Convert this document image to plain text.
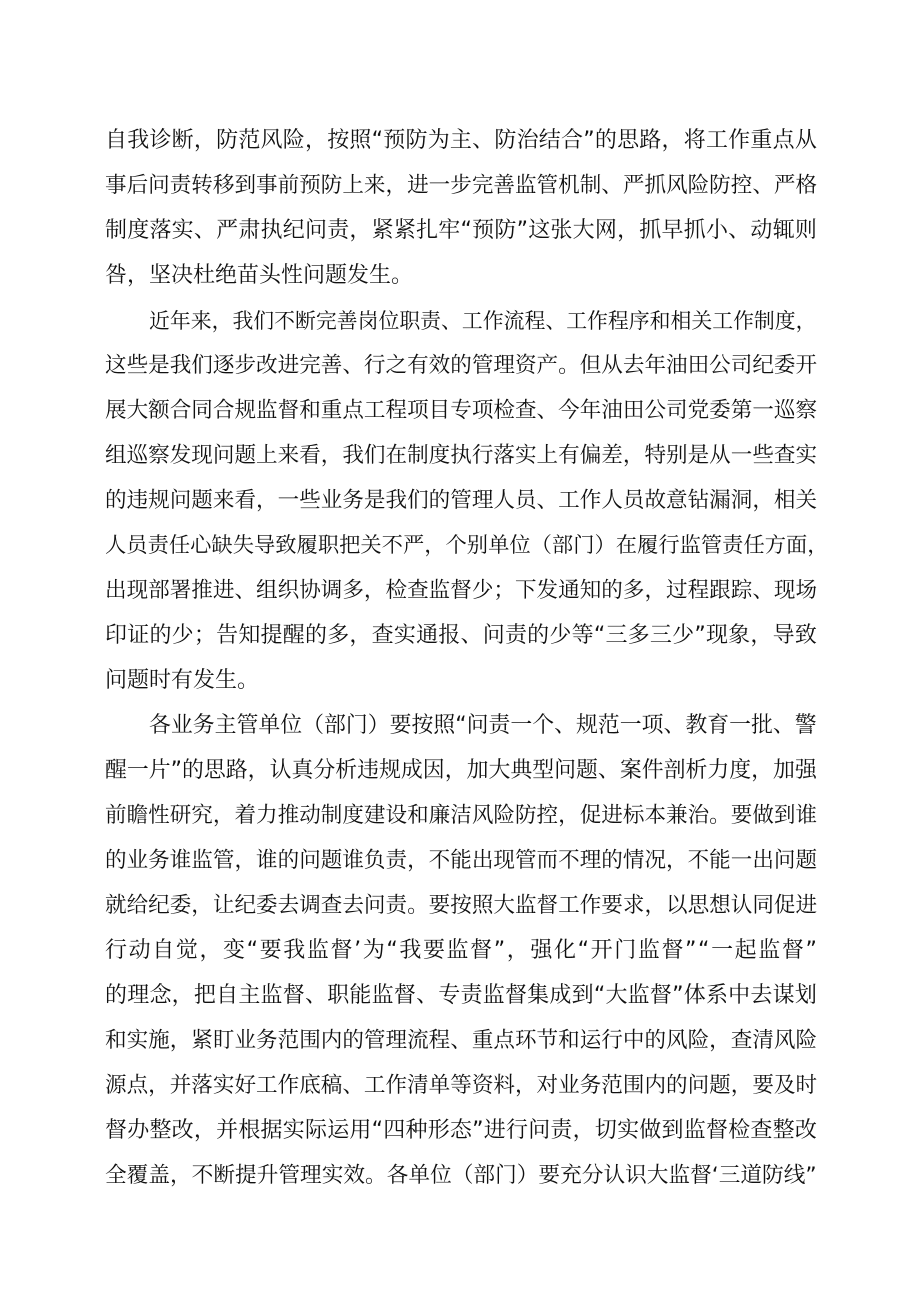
自我诊断，防范风险，按照“预防为主、防治结合”的思路，将工作重点从
事后问责转移到事前预防上来，进一步完善监管机制、严抓风险防控、严格
制度落实、严肃执纪问责，紧紧扎牢“预防”这张大网，抓早抓小、动辄则
咎，坚决杜绝苗头性问题发生。
近年来，我们不断完善岗位职责、工作流程、工作程序和相关工作制度，
这些是我们逐步改进完善、行之有效的管理资产。但从去年油田公司纪委开
展大额合同合规监督和重点工程项目专项检查、今年油田公司党委第一巡察
组巡察发现问题上来看，我们在制度执行落实上有偏差，特别是从一些查实
的违规问题来看，一些业务是我们的管理人员、工作人员故意钻漏洞，相关
人员责任心缺失导致履职把关不严，个别单位（部门）在履行监管责任方面，
出现部署推进、组织协调多，检查监督少；下发通知的多，过程跟踪、现场
印证的少；告知提醒的多，查实通报、问责的少等“三多三少”现象，导致
问题时有发生。
各业务主管单位（部门）要按照“问责一个、规范一项、教育一批、警
醒一片”的思路，认真分析违规成因，加大典型问题、案件剖析力度，加强
前瞻性研究，着力推动制度建设和廉洁风险防控，促进标本兼治。要做到谁
的业务谁监管，谁的问题谁负责，不能出现管而不理的情况，不能一出问题
就给纪委，让纪委去调查去问责。要按照大监督工作要求，以思想认同促进
行动自觉，变“要我监督’为“我要监督”，强化“开门监督”“一起监督”
的理念，把自主监督、职能监督、专责监督集成到“大监督”体系中去谋划
和实施，紧盯业务范围内的管理流程、重点环节和运行中的风险，查清风险
源点，并落实好工作底稿、工作清单等资料，对业务范围内的问题，要及时
督办整改，并根据实际运用“四种形态”进行问责，切实做到监督检查整改
全覆盖，不断提升管理实效。各单位（部门）要充分认识大监督‘三道防线”
